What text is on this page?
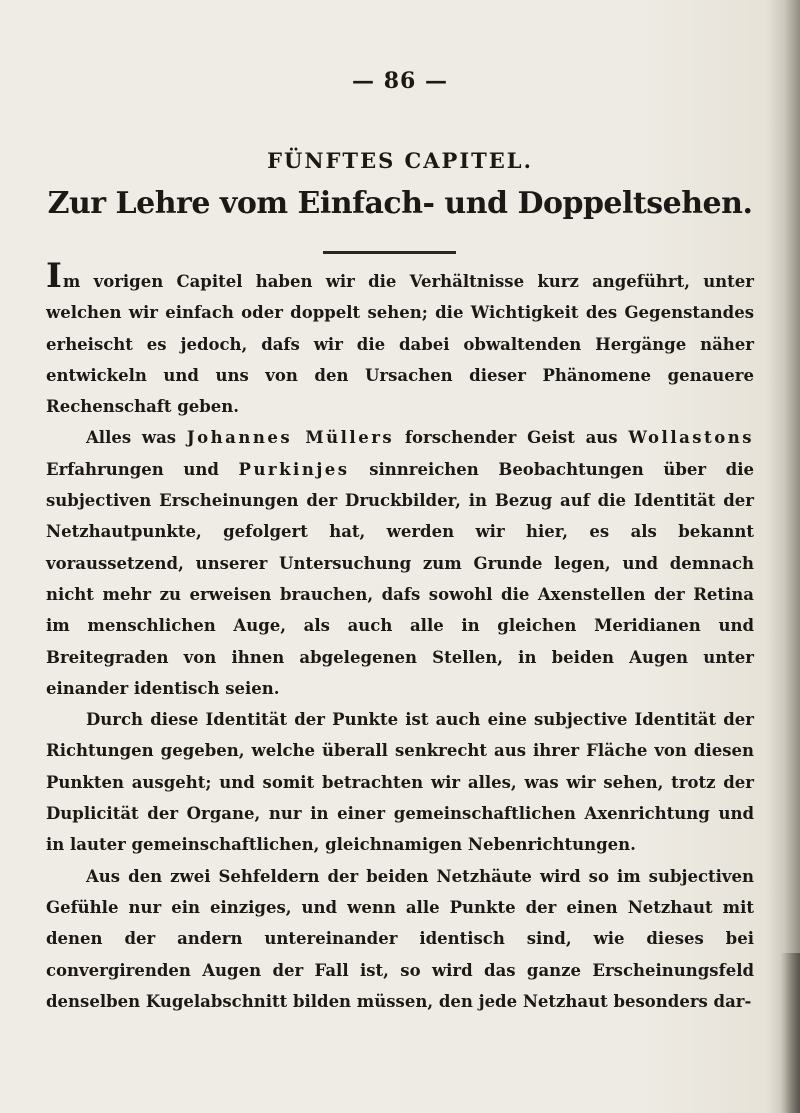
— 86 —
FÜNFTES CAPITEL.
Zur Lehre vom Einfach- und Doppeltsehen.

Im vorigen Capitel haben wir die Verhältnisse kurz angeführt, unter welchen wir einfach oder doppelt sehen; die Wichtigkeit des Gegenstandes erheischt es jedoch, dafs wir die dabei obwaltenden Hergänge näher entwickeln und uns von den Ursachen dieser Phänomene genauere Rechenschaft geben.

Alles was Johannes Müllers forschender Geist aus Wollastons Erfahrungen und Purkinjes sinnreichen Beobachtungen über die subjectiven Erscheinungen der Druckbilder, in Bezug auf die Identität der Netzhautpunkte, gefolgert hat, werden wir hier, es als bekannt voraussetzend, unserer Untersuchung zum Grunde legen, und demnach nicht mehr zu erweisen brauchen, dafs sowohl die Axenstellen der Retina im menschlichen Auge, als auch alle in gleichen Meridianen und Breitegraden von ihnen abgelegenen Stellen, in beiden Augen unter einander identisch seien.

Durch diese Identität der Punkte ist auch eine subjective Identität der Richtungen gegeben, welche überall senkrecht aus ihrer Fläche von diesen Punkten ausgeht; und somit betrachten wir alles, was wir sehen, trotz der Duplicität der Organe, nur in einer gemeinschaftlichen Axenrichtung und in lauter gemeinschaftlichen, gleichnamigen Nebenrichtungen.

Aus den zwei Sehfeldern der beiden Netzhäute wird so im subjectiven Gefühle nur ein einziges, und wenn alle Punkte der einen Netzhaut mit denen der andern untereinander identisch sind, wie dieses bei convergirenden Augen der Fall ist, so wird das ganze Erscheinungsfeld denselben Kugelabschnitt bilden müssen, den jede Netzhaut besonders dar-
